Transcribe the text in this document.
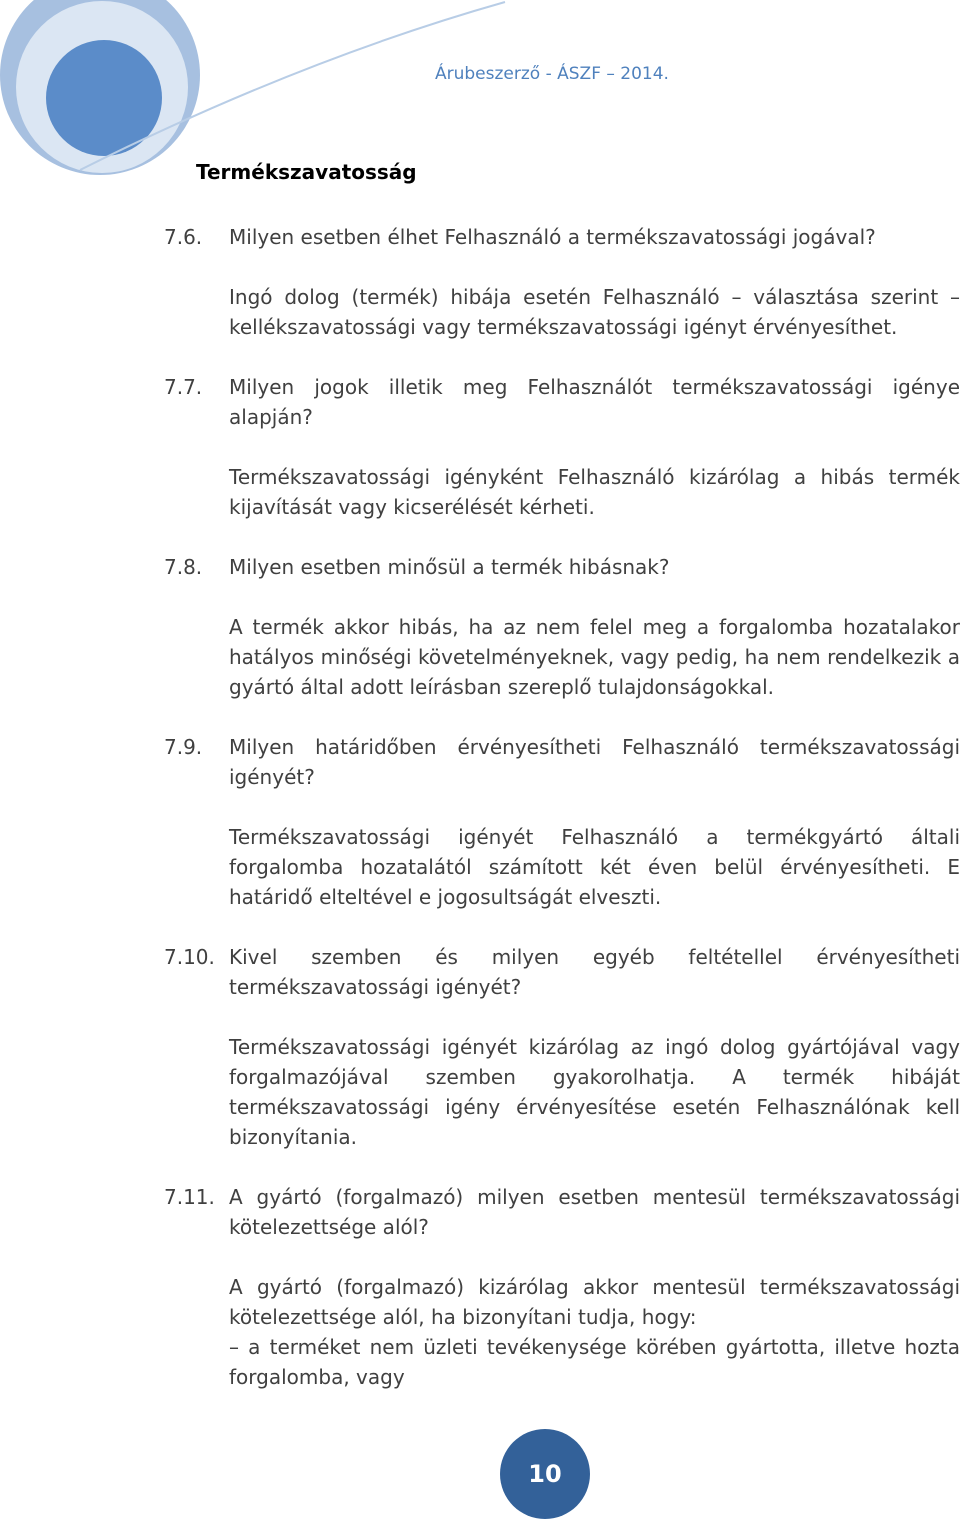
Árubeszerző - ÁSZF – 2014.
Termékszavatosság
7.6.	Milyen esetben élhet Felhasználó a termékszavatossági jogával?

Ingó dolog (termék) hibája esetén Felhasználó – választása szerint – kellékszavatossági vagy termékszavatossági igényt érvényesíthet.

7.7.	Milyen jogok illetik meg Felhasználót termékszavatossági igénye alapján?

Termékszavatossági igényként Felhasználó kizárólag a hibás termék kijavítását vagy kicserélését kérheti.

7.8.	Milyen esetben minősül a termék hibásnak?

A termék akkor hibás, ha az nem felel meg a forgalomba hozatalakor hatályos minőségi követelményeknek, vagy pedig, ha nem rendelkezik a gyártó által adott leírásban szereplő tulajdonságokkal.

7.9.	Milyen határidőben érvényesítheti Felhasználó termékszavatossági igényét?

Termékszavatossági igényét Felhasználó a termékgyártó általi forgalomba hozatalától számított két éven belül érvényesítheti. E határidő elteltével e jogosultságát elveszti.

7.10. Kivel szemben és milyen egyéb feltétellel érvényesítheti termékszavatossági igényét?

Termékszavatossági igényét kizárólag az ingó dolog gyártójával vagy forgalmazójával szemben gyakorolhatja. A termék hibáját termékszavatossági igény érvényesítése esetén Felhasználónak kell bizonyítania.

7.11. A gyártó (forgalmazó) milyen esetben mentesül termékszavatossági kötelezettsége alól?

A gyártó (forgalmazó) kizárólag akkor mentesül termékszavatossági kötelezettsége alól, ha bizonyítani tudja, hogy:

– a terméket nem üzleti tevékenysége körében gyártotta, illetve hozta forgalomba, vagy

10
